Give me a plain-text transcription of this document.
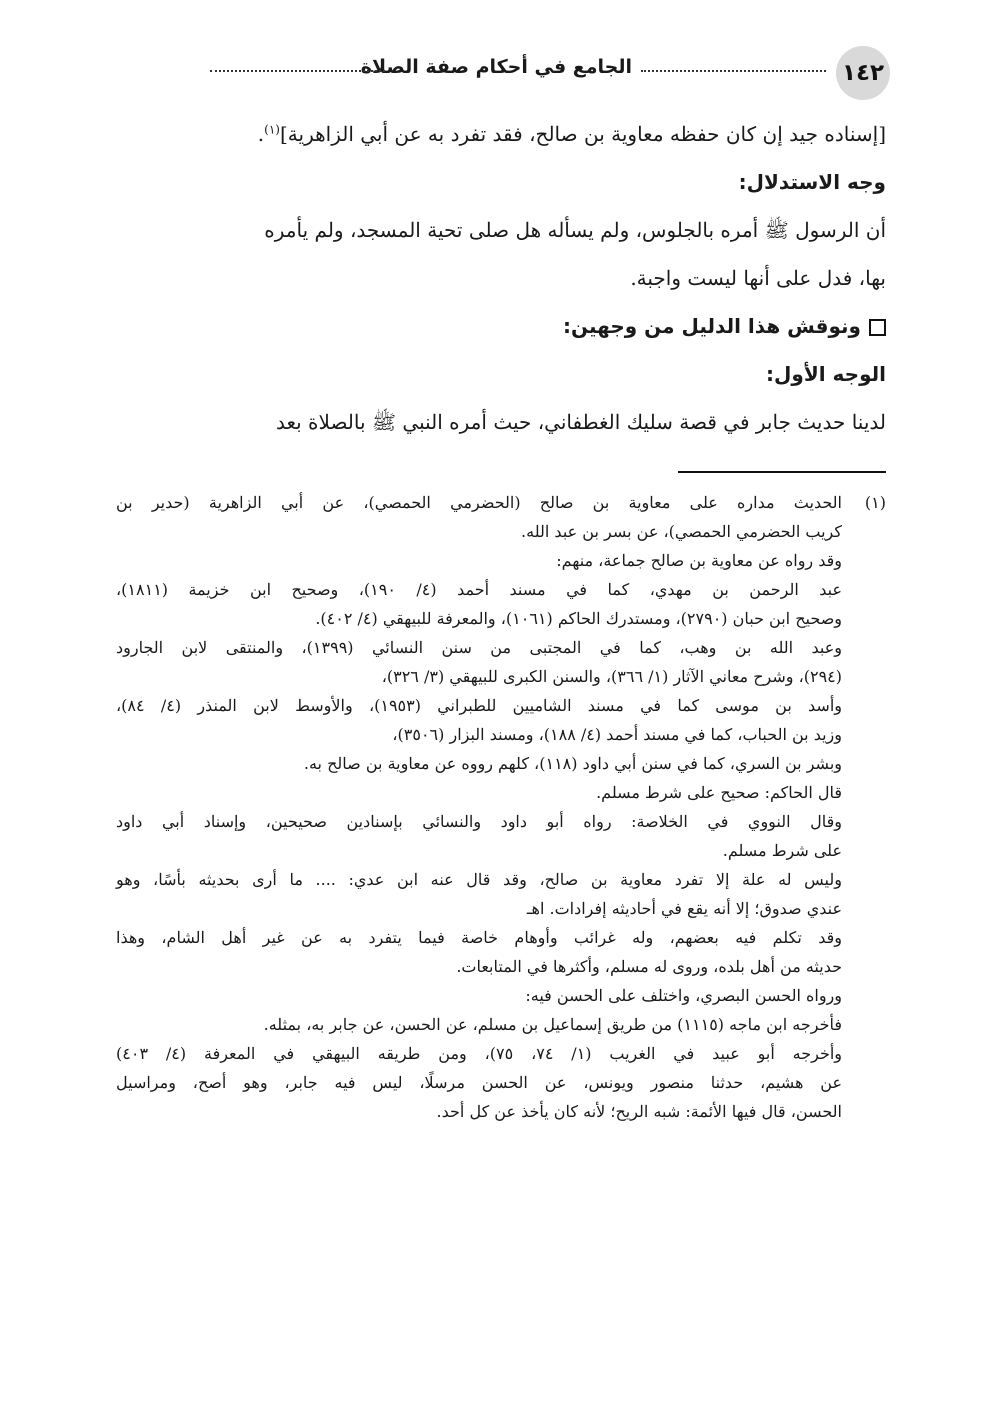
١٤٢
الجامع في أحكام صفة الصلاة

[إسناده جيد إن كان حفظه معاوية بن صالح، فقد تفرد به عن أبي الزاهرية]$^{(١)}$.

وجه الاستدلال:

أن الرسول ﷺ أمره بالجلوس، ولم يسأله هل صلى تحية المسجد، ولم يأمره

بها، فدل على أنها ليست واجبة.

ونوقش هذا الدليل من وجهين:

الوجه الأول:

لدينا حديث جابر في قصة سليك الغطفاني، حيث أمره النبي ﷺ بالصلاة بعد

(١)
الحديث مداره على معاوية بن صالح (الحضرمي الحمصي)، عن أبي الزاهرية (حدير بن
كريب الحضرمي الحمصي)، عن بسر بن عبد الله.
وقد رواه عن معاوية بن صالح جماعة، منهم:
عبد الرحمن بن مهدي، كما في مسند أحمد (٤/ ١٩٠)، وصحيح ابن خزيمة (١٨١١)،
وصحيح ابن حبان (٢٧٩٠)، ومستدرك الحاكم (١٠٦١)، والمعرفة للبيهقي (٤/ ٤٠٢).
وعبد الله بن وهب، كما في المجتبى من سنن النسائي (١٣٩٩)، والمنتقى لابن الجارود
(٢٩٤)، وشرح معاني الآثار (١/ ٣٦٦)، والسنن الكبرى للبيهقي (٣/ ٣٢٦)،
وأسد بن موسى كما في مسند الشاميين للطبراني (١٩٥٣)، والأوسط لابن المنذر (٤/ ٨٤)،
وزيد بن الحباب، كما في مسند أحمد (٤/ ١٨٨)، ومسند البزار (٣٥٠٦)،
وبشر بن السري، كما في سنن أبي داود (١١٨)، كلهم رووه عن معاوية بن صالح به.
قال الحاكم: صحيح على شرط مسلم.
وقال النووي في الخلاصة: رواه أبو داود والنسائي بإسنادين صحيحين، وإسناد أبي داود
على شرط مسلم.
وليس له علة إلا تفرد معاوية بن صالح، وقد قال عنه ابن عدي: .... ما أرى بحديثه بأسًا، وهو
عندي صدوق؛ إلا أنه يقع في أحاديثه إفرادات. اهـ
وقد تكلم فيه بعضهم، وله غرائب وأوهام خاصة فيما يتفرد به عن غير أهل الشام، وهذا
حديثه من أهل بلده، وروى له مسلم، وأكثرها في المتابعات.
ورواه الحسن البصري، واختلف على الحسن فيه:
فأخرجه ابن ماجه (١١١٥) من طريق إسماعيل بن مسلم، عن الحسن، عن جابر به، بمثله.
وأخرجه أبو عبيد في الغريب (١/ ٧٤، ٧٥)، ومن طريقه البيهقي في المعرفة (٤/ ٤٠٣)
عن هشيم، حدثنا منصور ويونس، عن الحسن مرسلًا، ليس فيه جابر، وهو أصح، ومراسيل
الحسن، قال فيها الأئمة: شبه الريح؛ لأنه كان يأخذ عن كل أحد.
